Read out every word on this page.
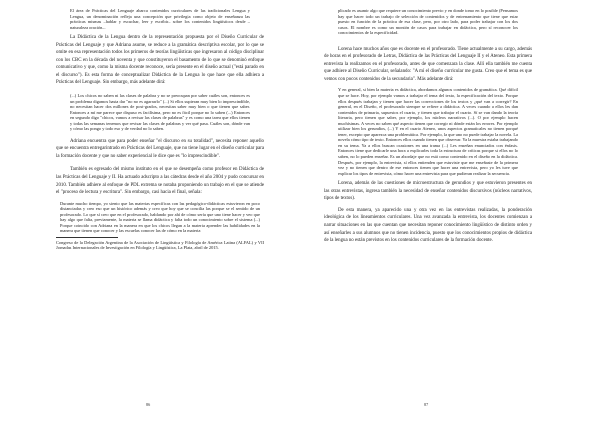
El área de Prácticas del Lenguaje abarca contenidos curriculares de las tradicionales Lengua y Lengua, un denominación refleja una concepción que privilegia como objeto de enseñanza las prácticas mismas –hablar y escuchar, leer y escribir– sobre los contenidos lingüísticos desde –naturaleza oración–.

La Didáctica de la Lengua dentro de la representación propuesta por el Diseño Curricular de Prácticas del Lenguaje y que Adriana asume, se reduce a la gramática descriptiva escolar, por lo que se omite en esa representación todos los primeros de teorías lingüísticas que ingresaron al código disciplinar con los CBC en la década del noventa y que constituyeron el basamento de lo que se denominó enfoque comunicativo y que, como la misma docente reconoce, sería presente en el diseño actual ("está parado en el discurso"). Es esta forma de conceptualizar Didáctica de la Lengua lo que hace que ella adhiera a Prácticas del Lenguaje. Sin embargo, más adelante dirá:

(...) Los chicos no saben ni las clases de palabra y no se preocupan por saber cuáles son, entonces es un problema digamos hasta dar "no no es agarrarlo" (...) Si ellos supieran muy bien lo imprescindible, no necesitan hacer dos millones de post-grados, necesitan saber muy bien o que tienen que saber. Entonces a mí me parece que dispuso es facilísima, pero no es fácil porque no lo saben (...) Entonces en segundo digo "chicos, vamos a revisar las clases de palabras" y es como una tarea que ellos tienen y todas las semanas tenemos que revisar las clases de palabras y ver qué pasa. Cuáles son, dónde van y cómo las pongo y todo eso y de verdad no lo saben.

Adriana encuentra que para poder enseñar "el discurso en su totalidad", necesita reponer aquello que se encuentra entregarintrado en Prácticas del Lenguaje, que no tiene lugar en el diseño curricular para la formación docente y que no saber experiencial le dice que es "lo imprescindible".

También es egresado del mismo instituto en el que se desempeña como profesor en Didáctica de las Prácticas del Lenguaje y II. Ha actuado adscripto a las cátedras desde el año 2004 y pudo concursar en 2010. También adhiere al enfoque de PDL extrema se notaba proponiendo un trabajo en el que se atiende el "proceso de lectura y escritura". Sin embargo, casi hacia el final, señala:

Durante mucho tiempo, yo siento que las materias específicas con las pedagógico-didácticas estuvieron en poco distanciadas y creo eso que un histórico además y creo que hoy que se concilia las porque se el sentido de un profesorado. Lo que sí creo que en el profesorado, hablando por ahí de cómo sería que uno tiene hacer y veo que hay algo que falta, previamente, la materia se llama didáctica y falta todo un conocimiento sobre el sistema (...) Porque coincido con Adriana en la manera en que los chicos llegan a la materia aprender las habilidades en la manera que tienen que conocer y las escuelas conocer las de cómo en la materia

Congreso de la Delegación Argentina de la Asociación de Lingüística y Filología de América Latina (ALFAL) y VII Jornadas Internacionales de Investigación en Filología y Lingüística, La Plata, abril de 2015.

86

plicado es asumir algo que requiere un conocimiento previo y en donde tomo en lo posible (Pensamos hay que hacer todo un trabajo de selección de contenidos y de entrenamiento que tiene que estar puesto en función de la práctica de esa clase, pero, por otro lado, para poder trabajar con los dos casos. El nombre es como un montón de casos para trabajar en didáctica, pero sí reconocer los conocimientos de la especificidad.

Lorena hace muchos años que es docente en el profesorado. Tiene actualmente a su cargo, además de horas en el profesorado de Letras, Didáctica de las Prácticas del Lenguaje II y el Ateneo. Esta primera entrevista la realizamos en el profesorado, antes de que comenzara la clase. Allí ella también me cuenta que adhiere al Diseño Curricular, señalando: "A mí el diseño curricular me gusta. Creo que el tema es que vemos con pocos contenidos de la secundaria". Más adelante dirá:

Y en general, si bien la materia es didáctica, abordamos algunos contenidos de gramática. Qué difícil que se hace. Hoy, por ejemplo vamos a trabajar el tema del texto, la especificación del texto. Porque ellos después trabajan y tienen que hacer las correcciones de los textos y ¿qué van a corregir? En general, en el Diseño, el profesorado siempre se refiere a didáctica. A veces cuando a ellos les dan contenidos de primaria, supuestos el cuarto, y tienen que trabajar el cuarto. Sí se van dando la teoría literaria, pero tienen que saber, por ejemplo, los núcleos narrativos (...). O por ejemplo hacen muchísimas. A veces no saben qué aspecto tienen que corregir ni dónde están los errores. Por ejemplo utilizar bien los gerundios, (...) Y en el cuarto Ateneo, unos aspectos gramaticales no tienen porqué tener, excepto que aparezca una problemática. Por ejemplo, la que uno no puede trabajar la novela. La novela cómo tipo de texto. Entonces ellos cuando tienen que observar. Ya la muestra estaba trabajando en su tema. Ya a ellos buscan ocasiones en una trama (...) Les enseñan enunciados con énfasis. Entonces tiene que dedicarle una hora a explicarles toda la estructura de críticas porque si ellos no lo saben, no lo pueden enseñar. Es un abordaje que no está como contenido en el diseño en la didáctica. Después, por ejemplo, la entrevista, sí ellos entienden que estuviste que me enseñaste de la primera vez y no tienen que dentro de ese entonces tienen que hacer una entrevista, pero yo les tuve que explicar los tipos de entrevista, cómo hacer una entrevista para que pudieran realizar la secuencia.

Lorena, además de las cuestiones de microestructura de gerundios y que estuvieron presentes en las otras entrevistas, ingresa también la necesidad de enseñar contenidos discursivos (núcleos narrativos, tipos de textos).

De esta manera, ya aparecido una y otra vez en las entrevistas realizadas, la ponderación ideológica de los lineamientos curriculares. Una vez avanzada la entrevista, los docentes comienzan a narrar situaciones en las que cuentan que necesitan reponer conocimiento lingüístico de distinto orden y así enseñarles a sus alumnos que no tienen incidencia, puesto que los conocimientos propios de didáctica de la lengua no están previstos en los contenidos curriculares de la formación docente.

87
